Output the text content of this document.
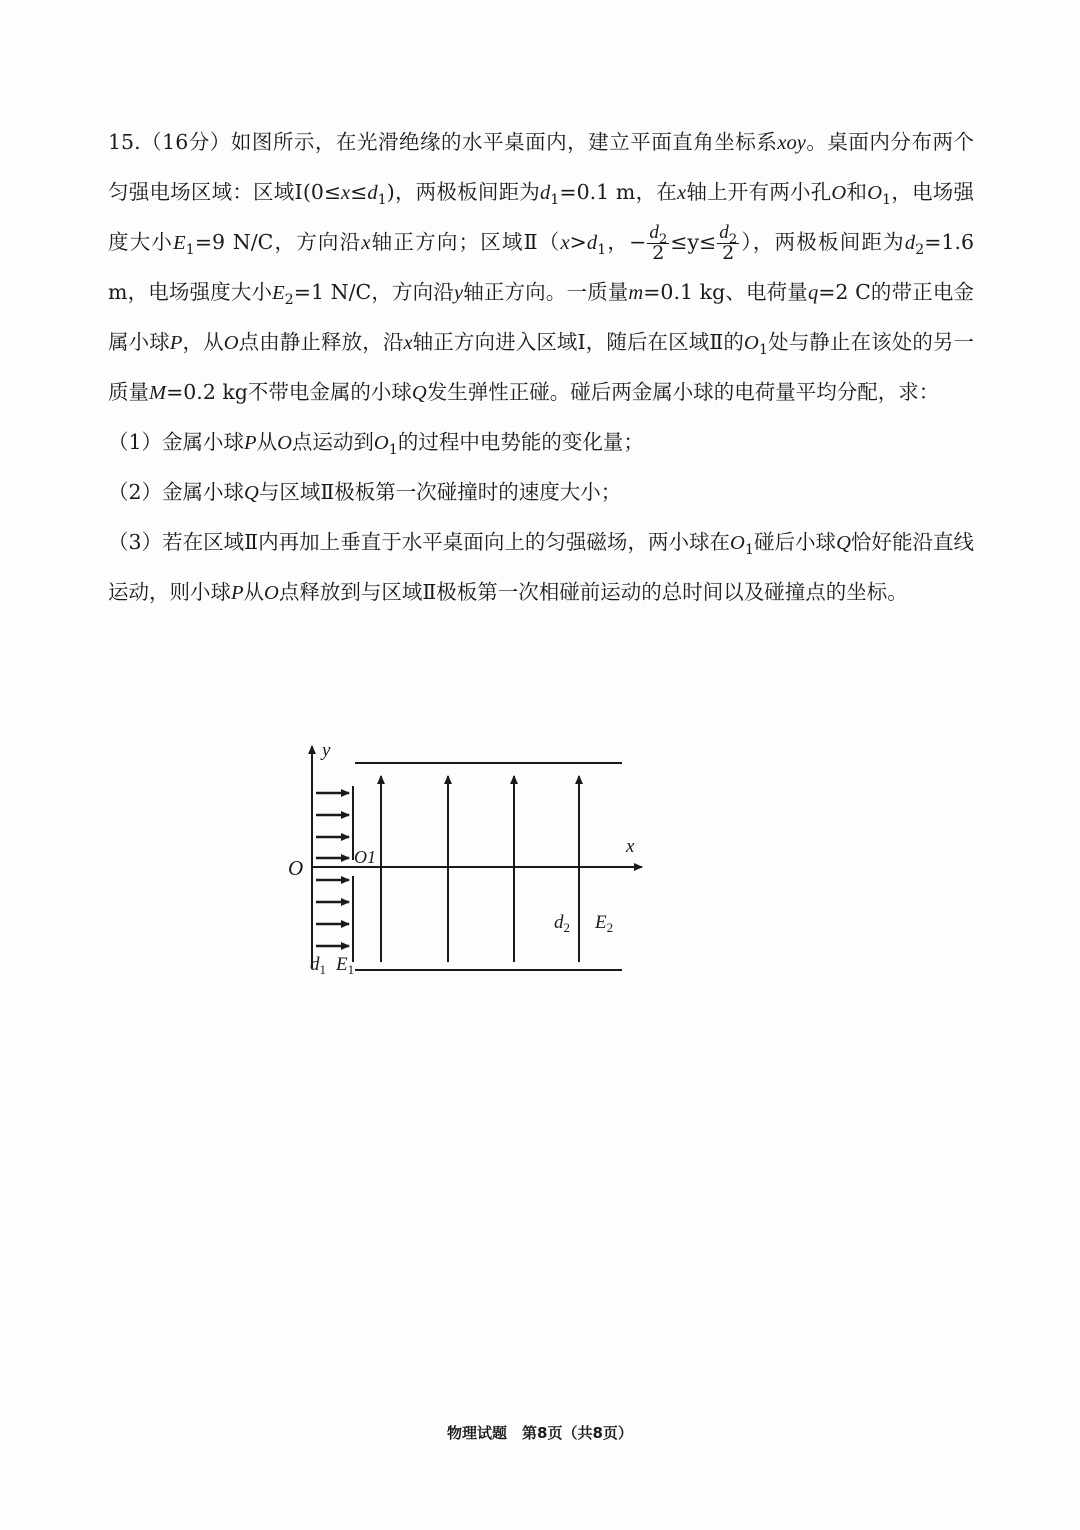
15.（16分）如图所示，在光滑绝缘的水平桌面内，建立平面直角坐标系xoy。桌面内分布两个匀强电场区域：区域$Ⅰ(0\le x\le d_1)$，两极板间距为$d_1=0.1$ m，在x轴上开有两小孔O和$O_1$，电场强度大小$E_1=9$ N/C，方向沿x轴正方向；区域$Ⅱ(x>d_1$，− $\frac{d_2}{2} \le y\le \frac{d_2}{2}$ ），两极板间距为$d_2=1.6$ m，电场强度大小$E_2=1$ N/C，方向沿y轴正方向。一质量m=0.1 kg、电荷量q=2 C的带正电金属小球P，从O点由静止释放，沿x轴正方向进入区域Ⅰ，随后在区域Ⅱ的$O_1$处与静止在该处的另一质量M=0.2 kg不带电金属的小球Q发生弹性正碰。碰后两金属小球的电荷量平均分配，求：

（1）金属小球P从O点运动到$O_1$的过程中电势能的变化量；

（2）金属小球Q与区域Ⅱ极板第一次碰撞时的速度大小；

（3）若在区域Ⅱ内再加上垂直于水平桌面向上的匀强磁场，两小球在$O_1$碰后小球Q恰好能沿直线运动，则小球P从O点释放到与区域Ⅱ极板第一次相碰前运动的总时间以及碰撞点的坐标。

y
x
O	O1
$d_2$ $E_2$
$d_1$ $E_1$
物理试题　第8页（共8页）
